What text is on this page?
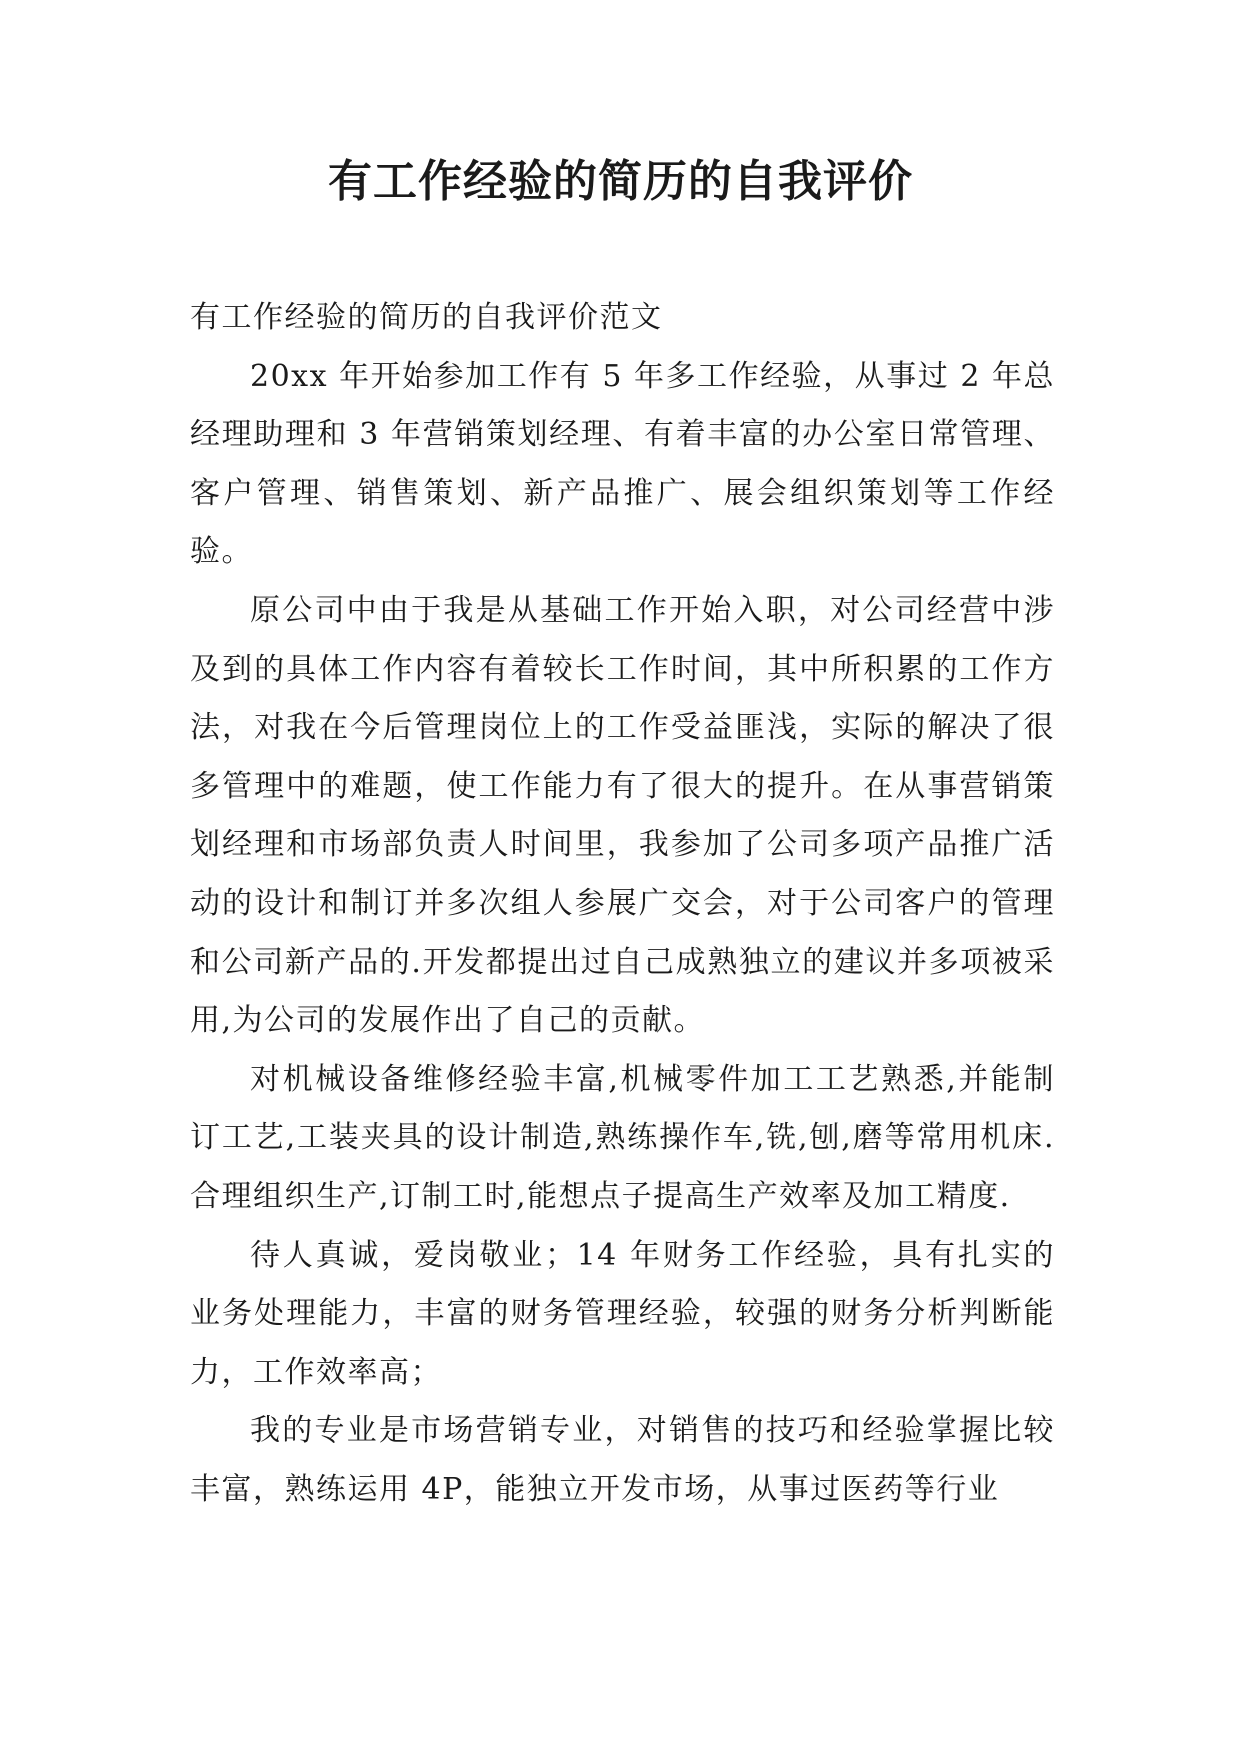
有工作经验的简历的自我评价

有工作经验的简历的自我评价范文

20xx 年开始参加工作有 5 年多工作经验，从事过 2 年总经理助理和 3 年营销策划经理、有着丰富的办公室日常管理、客户管理、销售策划、新产品推广、展会组织策划等工作经验。

原公司中由于我是从基础工作开始入职，对公司经营中涉及到的具体工作内容有着较长工作时间，其中所积累的工作方法，对我在今后管理岗位上的工作受益匪浅，实际的解决了很多管理中的难题，使工作能力有了很大的提升。在从事营销策划经理和市场部负责人时间里，我参加了公司多项产品推广活动的设计和制订并多次组人参展广交会，对于公司客户的管理和公司新产品的.开发都提出过自己成熟独立的建议并多项被采用,为公司的发展作出了自己的贡献。

对机械设备维修经验丰富,机械零件加工工艺熟悉,并能制订工艺,工装夹具的设计制造,熟练操作车,铣,刨,磨等常用机床.合理组织生产,订制工时,能想点子提高生产效率及加工精度.

待人真诚，爱岗敬业；14 年财务工作经验，具有扎实的业务处理能力，丰富的财务管理经验，较强的财务分析判断能力，工作效率高；

我的专业是市场营销专业，对销售的技巧和经验掌握比较丰富，熟练运用 4P，能独立开发市场，从事过医药等行业
